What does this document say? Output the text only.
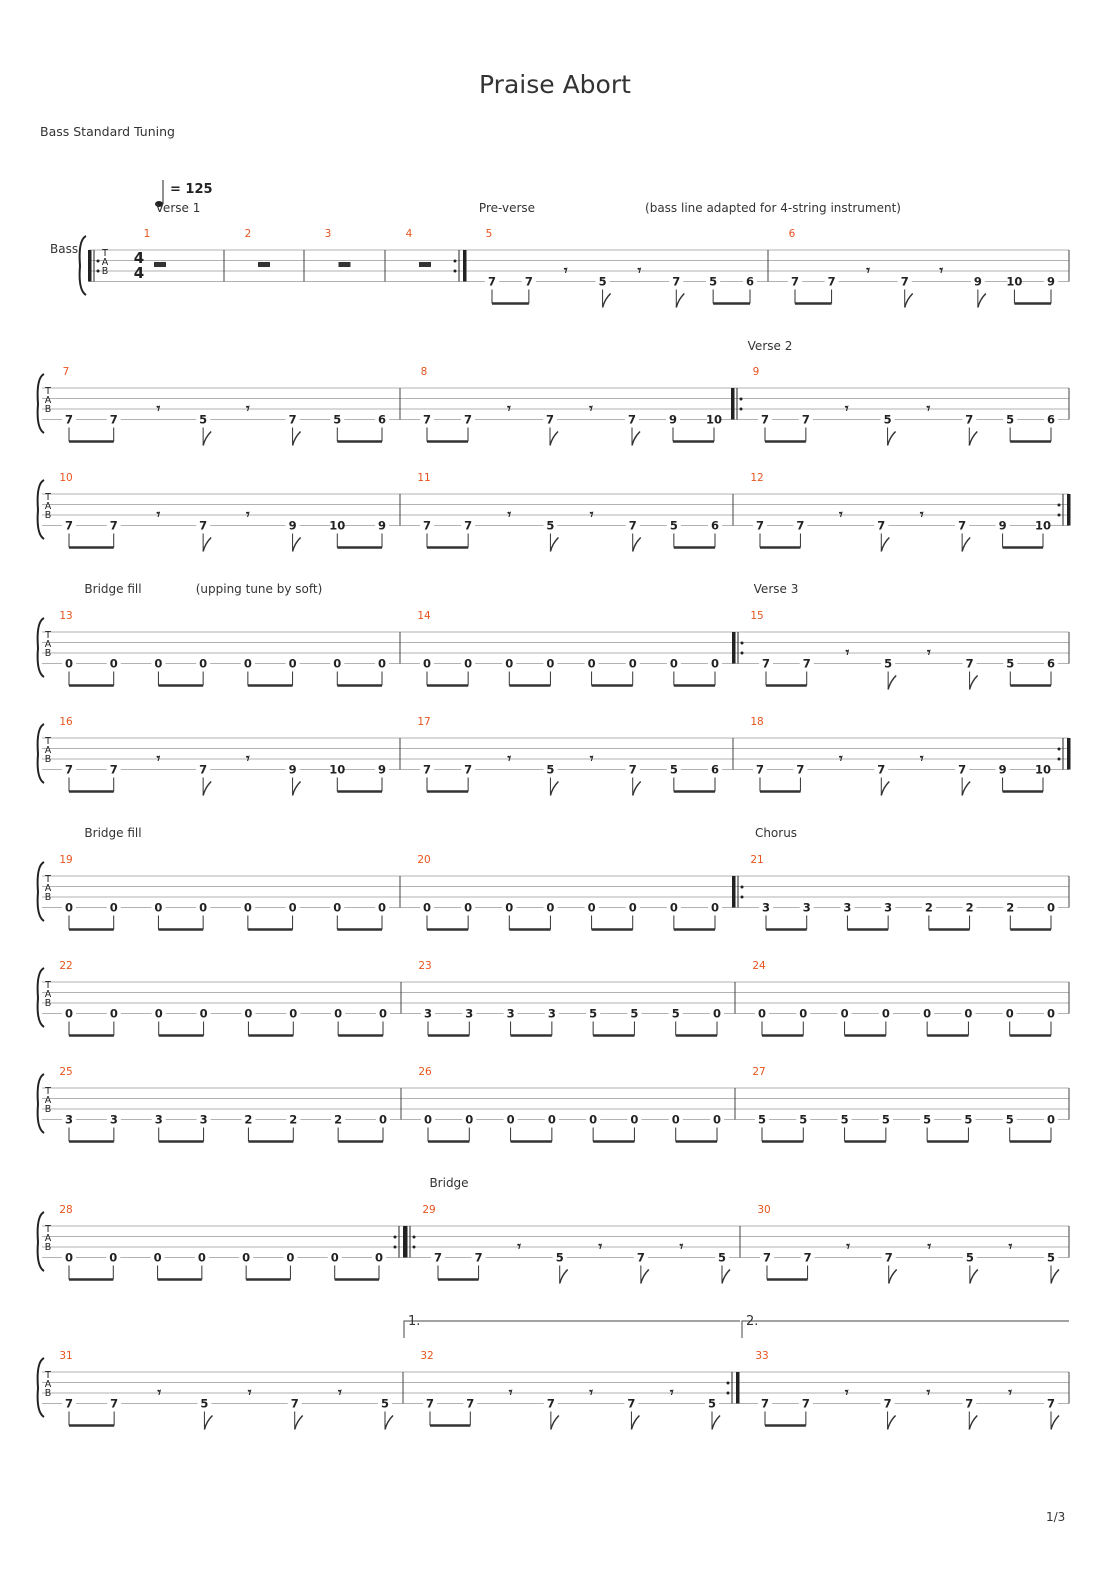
Praise Abort
Bass Standard Tuning
1/3
= 125
Bass
Verse 1	Pre-verse	(bass line adapted for 4-string instrument)
Verse 2
Bridge fill	(upping tune by soft)	Verse 3
Bridge fill	Chorus
Bridge
1.	2.
T
A
B
1
4
4
2	3	4	5
7	7
𝄾
5
𝄾
7	5	6
6
7 7
𝄾
7
𝄾
9 10 9
T
A
B
7
7	7
𝄾
5
𝄾
7	5	6
8
7	7
𝄾
7
𝄾
7	9	10
9
7	7
𝄾
5
𝄾
7	5	6
T
A
B
10
7	7
𝄾
7
𝄾
9	10	9
11
7	7
𝄾
5
𝄾
7	5	6
12
7	7
𝄾
7
𝄾
7	9 10
T
A
B
13
0	0	0	0	0	0	0	0
14
0	0	0	0	0	0	0	0
15
7	7
𝄾
5
𝄾
7	5	6
T
A
B
16
7	7
𝄾
7
𝄾
9	10	9
17
7	7
𝄾
5
𝄾
7	5	6
18
7	7
𝄾
7
𝄾
7	9 10
T
A
B
19
0	0	0	0	0	0	0	0
20
0	0	0	0	0	0	0	0
21
3	3	3	3	2	2	2	0
T
A
B
22
0	0	0	0	0	0	0	0
23
3	3	3	3	5	5	5	0
24
0	0	0	0	0	0	0	0
T
A
B
25
3	3	3	3	2	2	2	0
26
0	0	0	0	0	0	0	0
27
5	5	5	5	5	5	5	0
T
A
B
28
0	0	0	0	0	0	0	0
29
7	7
𝄾
5
𝄾
7
𝄾
5
30
7	7
𝄾
7
𝄾
5
𝄾
5
T
A
B
31
7	7
𝄾
5
𝄾
7
𝄾
5
32
7	7
𝄾
7
𝄾
7
𝄾
5
33
7	7
𝄾
7
𝄾
7
𝄾
7
